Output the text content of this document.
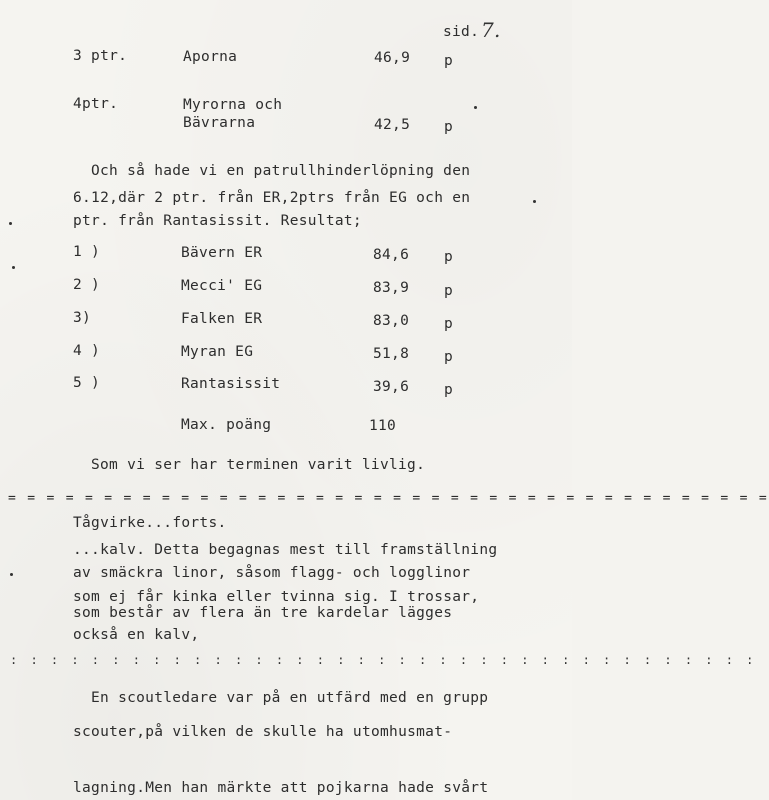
sid. 7.
3 ptr.	Aporna	46,9 p
4ptr.	Myrorna och
Bävrarna	42,5 p
Och så hade vi en patrullhinderlöpning den
6.12,där 2 ptr. från ER,2ptrs från EG och en
ptr. från Rantasissit. Resultat;
1 )	Bävern ER	84,6 p
2 )	Mecci' EG	83,9 p
3)	Falken ER	83,0 p
4 )	Myran EG	51,8 p
5 )	Rantasissit	39,6 p
Max. poäng	110
Som vi ser har terminen varit livlig.
= = = = = = = = = = = = = = = = = = = = = = = = = = = = = = = = = = = = = = = =
Tågvirke...forts.
...kalv. Detta begagnas mest till framställning
av smäckra linor, såsom flagg- och logglinor
som ej får kinka eller tvinna sig. I trossar,
som består av flera än tre kardelar lägges
också en kalv,
: : : : : : : : : : : : : : : : : : : : : : : : : : : : : : : : : : : : :
En scoutledare var på en utfärd med en grupp
scouter,på vilken de skulle ha utomhusmat-
lagning.Men han märkte att pojkarna hade svårt
